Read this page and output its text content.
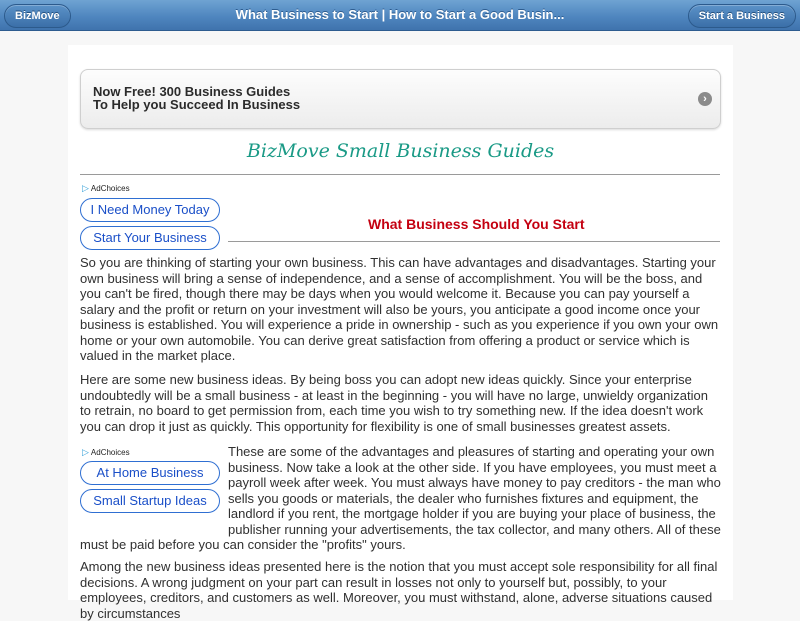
BizMove	What Business to Start | How to Start a Good Busin...	Start a Business
Now Free! 300 Business Guides
To Help you Succeed In Business	›
BizMove Small Business Guides
▷ AdChoices
I Need Money Today
Start Your Business
What Business Should You Start

So you are thinking of starting your own business. This can have advantages and disadvantages. Starting your own business will bring a sense of independence, and a sense of accomplishment. You will be the boss, and you can't be fired, though there may be days when you would welcome it. Because you can pay yourself a salary and the profit or return on your investment will also be yours, you anticipate a good income once your business is established. You will experience a pride in ownership - such as you experience if you own your own home or your own automobile. You can derive great satisfaction from offering a product or service which is valued in the market place.

Here are some new business ideas. By being boss you can adopt new ideas quickly. Since your enterprise undoubtedly will be a small business - at least in the beginning - you will have no large, unwieldy organization to retrain, no board to get permission from, each time you wish to try something new. If the idea doesn't work you can drop it just as quickly. This opportunity for flexibility is one of small businesses greatest assets.

▷ AdChoices
At Home Business
Small Startup Ideas
These are some of the advantages and pleasures of starting and operating your own business. Now take a look at the other side. If you have employees, you must meet a payroll week after week. You must always have money to pay creditors - the man who sells you goods or materials, the dealer who furnishes fixtures and equipment, the landlord if you rent, the mortgage holder if you are buying your place of business, the publisher running your advertisements, the tax collector, and many others. All of these must be paid before you can consider the "profits" yours.

Among the new business ideas presented here is the notion that you must accept sole responsibility for all final decisions. A wrong judgment on your part can result in losses not only to yourself but, possibly, to your employees, creditors, and customers as well. Moreover, you must withstand, alone, adverse situations caused by circumstances
